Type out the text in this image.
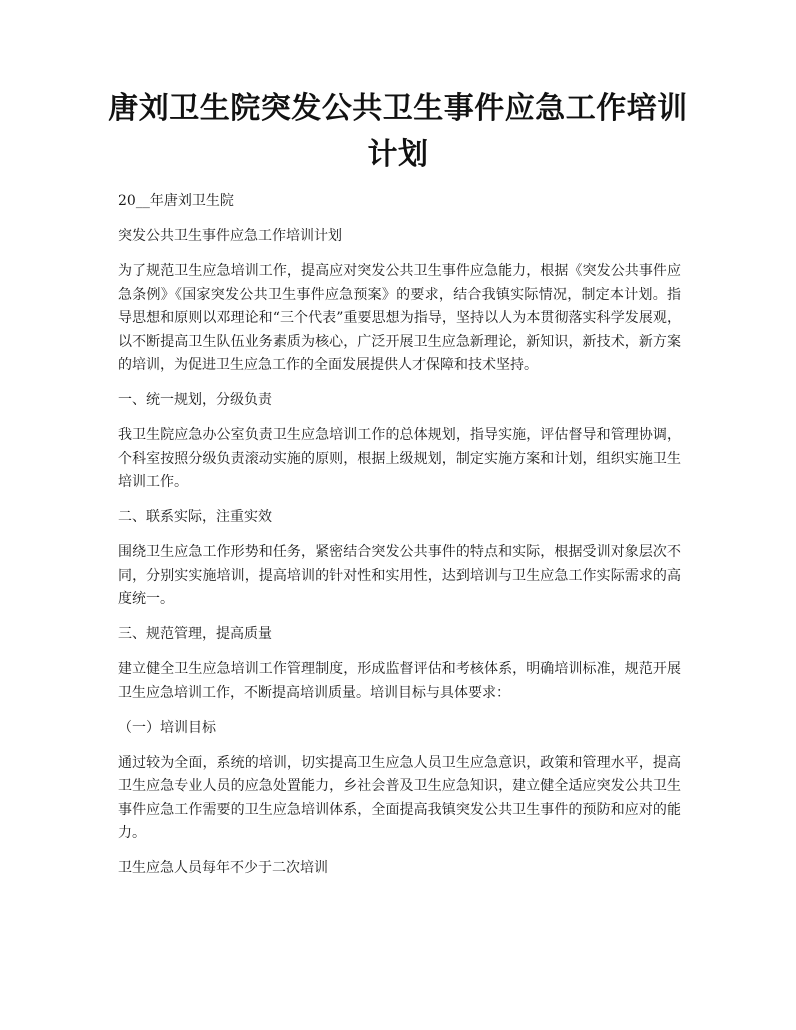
唐刘卫生院突发公共卫生事件应急工作培训计划

20__年唐刘卫生院

突发公共卫生事件应急工作培训计划

为了规范卫生应急培训工作，提高应对突发公共卫生事件应急能力，根据《突发公共事件应急条例》《国家突发公共卫生事件应急预案》的要求，结合我镇实际情况，制定本计划。指导思想和原则以邓理论和“三个代表”重要思想为指导，坚持以人为本贯彻落实科学发展观，以不断提高卫生队伍业务素质为核心，广泛开展卫生应急新理论，新知识，新技术，新方案的培训，为促进卫生应急工作的全面发展提供人才保障和技术坚持。

一、统一规划，分级负责

我卫生院应急办公室负责卫生应急培训工作的总体规划，指导实施，评估督导和管理协调，个科室按照分级负责滚动实施的原则，根据上级规划，制定实施方案和计划，组织实施卫生培训工作。

二、联系实际，注重实效

围绕卫生应急工作形势和任务，紧密结合突发公共事件的特点和实际，根据受训对象层次不同，分别实实施培训，提高培训的针对性和实用性，达到培训与卫生应急工作实际需求的高度统一。

三、规范管理，提高质量

建立健全卫生应急培训工作管理制度，形成监督评估和考核体系，明确培训标准，规范开展卫生应急培训工作，不断提高培训质量。培训目标与具体要求：

（一）培训目标

通过较为全面，系统的培训，切实提高卫生应急人员卫生应急意识，政策和管理水平，提高卫生应急专业人员的应急处置能力，乡社会普及卫生应急知识，建立健全适应突发公共卫生事件应急工作需要的卫生应急培训体系，全面提高我镇突发公共卫生事件的预防和应对的能力。

卫生应急人员每年不少于二次培训
